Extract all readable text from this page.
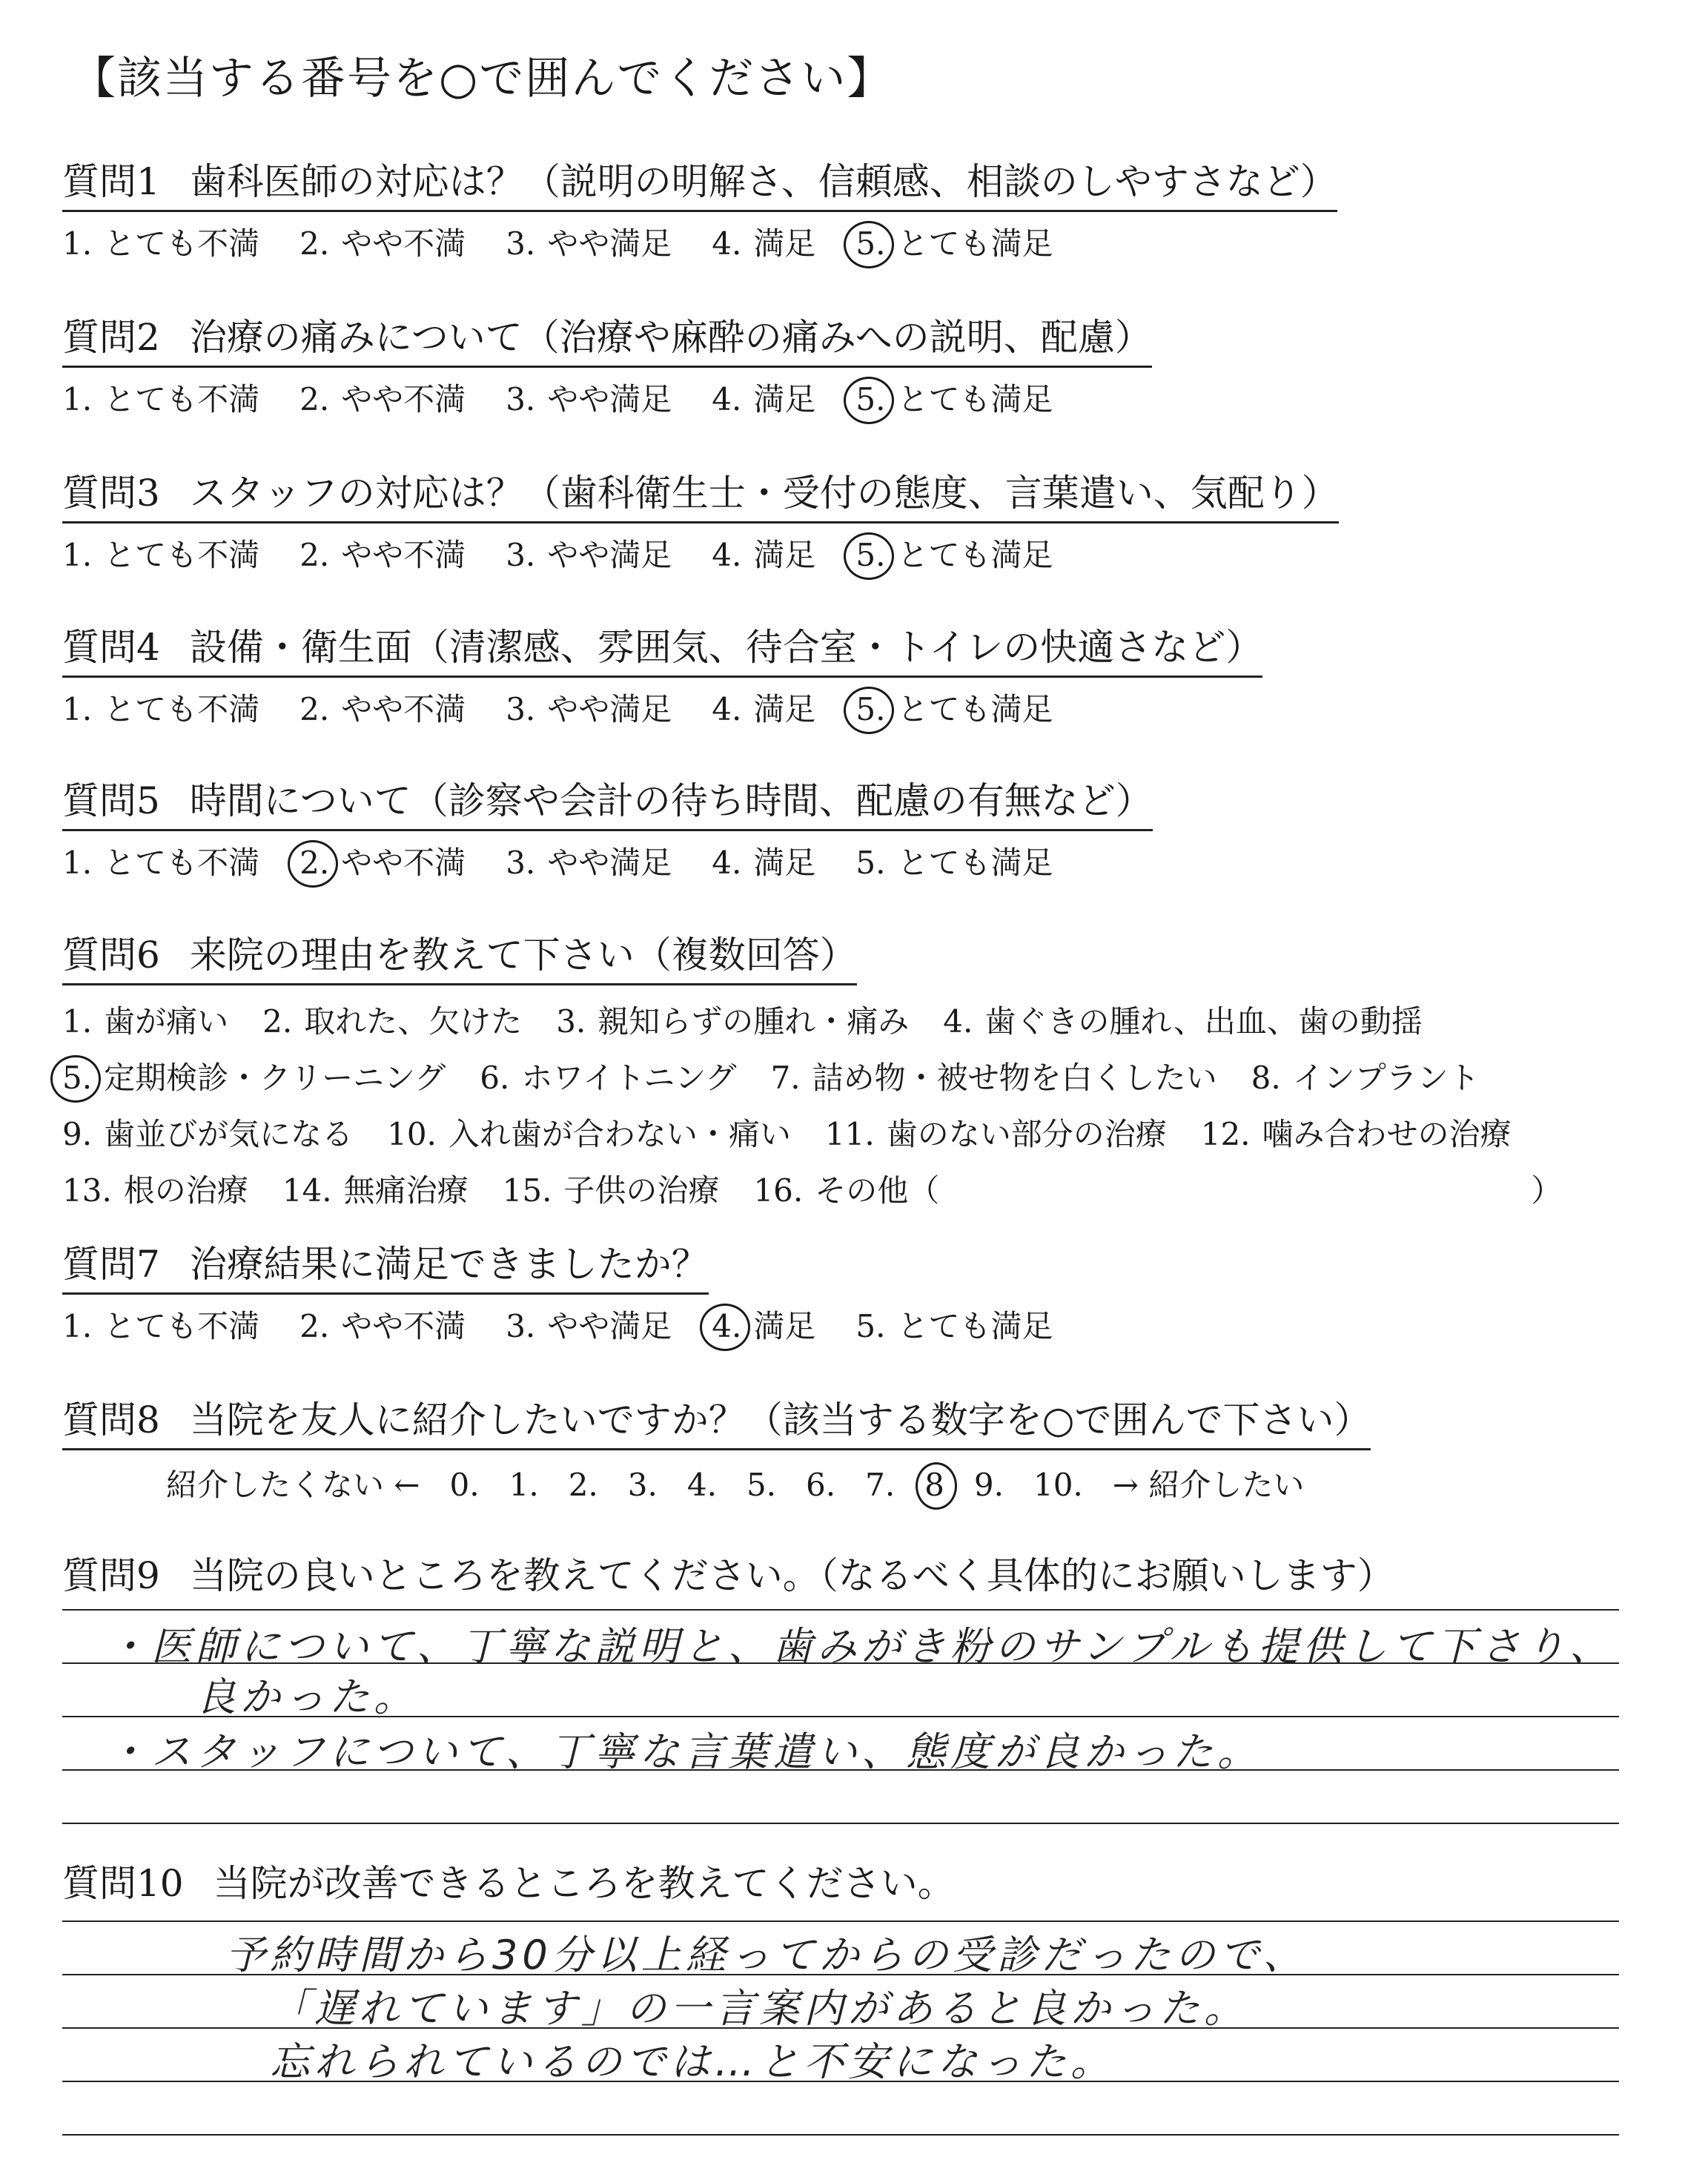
【該当する番号を○で囲んでください】
質問1 歯科医師の対応は？（説明の明解さ、信頼感、相談のしやすさなど）
1. とても不満 2. やや不満 3. やや満足 4. 満足 5. とても満足
質問2 治療の痛みについて（治療や麻酔の痛みへの説明、配慮）
1. とても不満 2. やや不満 3. やや満足 4. 満足 5. とても満足
質問3 スタッフの対応は？（歯科衛生士・受付の態度、言葉遣い、気配り）
1. とても不満 2. やや不満 3. やや満足 4. 満足 5. とても満足
質問4 設備・衛生面（清潔感、雰囲気、待合室・トイレの快適さなど）
1. とても不満 2. やや不満 3. やや満足 4. 満足 5. とても満足
質問5 時間について（診察や会計の待ち時間、配慮の有無など）
1. とても不満 2. やや不満 3. やや満足 4. 満足 5. とても満足
質問6 来院の理由を教えて下さい（複数回答）
1. 歯が痛い 2. 取れた、欠けた 3. 親知らずの腫れ・痛み 4. 歯ぐきの腫れ、出血、歯の動揺
5. 定期検診・クリーニング 6. ホワイトニング 7. 詰め物・被せ物を白くしたい 8. インプラント
9. 歯並びが気になる 10. 入れ歯が合わない・痛い 11. 歯のない部分の治療 12. 噛み合わせの治療
13. 根の治療 14. 無痛治療 15. 子供の治療 16. その他（　　　　　　　　　　　　　　　　　　　）
質問7 治療結果に満足できましたか？
1. とても不満 2. やや不満 3. やや満足 4. 満足 5. とても満足
質問8 当院を友人に紹介したいですか？（該当する数字を○で囲んで下さい）
紹介したくない ← 0. 1. 2. 3. 4. 5. 6. 7. 8 9. 10. → 紹介したい
質問9 当院の良いところを教えてください。（なるべく具体的にお願いします）
・医師について、丁寧な説明と、歯みがき粉のサンプルも提供して下さり、
良かった。
・スタッフについて、丁寧な言葉遣い、態度が良かった。
質問10 当院が改善できるところを教えてください。
予約時間から30分以上経ってからの受診だったので、
「遅れています」の一言案内があると良かった。
忘れられているのでは…と不安になった。
